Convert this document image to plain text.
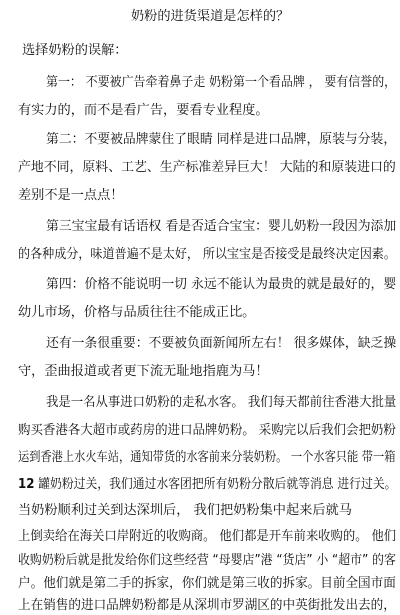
奶粉的进货渠道是怎样的？
选择奶粉的误解：
第一： 不要被广告牵着鼻子走 奶粉第一个看品牌 ， 要有信誉的，
有实力的，而不是看广告，要看专业程度。
第二：不要被品牌蒙住了眼睛 同样是进口品牌，原装与分装，
产地不同，原料、工艺、生产标准差异巨大！ 大陆的和原装进口的
差别不是一点点！
第三宝宝最有话语权 看是否适合宝宝：婴儿奶粉一段因为添加
的各种成分，味道普遍不是太好， 所以宝宝是否接受是最终决定因素。
第四：价格不能说明一切 永远不能认为最贵的就是最好的，婴
幼儿市场，价格与品质往往不能成正比。
还有一条很重要：不要被负面新闻所左右！ 很多媒体，缺乏操
守，歪曲报道或者更下流无耻地指鹿为马！
我是一名从事进口奶粉的走私水客。 我们每天都前往香港大批量
购买香港各大超市或药房的进口品牌奶粉。 采购完以后我们会把奶粉
运到香港上水火车站，通知带货的水客前来分装奶粉。 一个水客只能 带一箱
12 罐奶粉过关，我们通过水客团把所有奶粉分散后就等消息 进行过关。
当奶粉顺利过关到达深圳后， 我们把奶粉集中起来后就马
上倒卖给在海关口岸附近的收购商。 他们都是开车前来收购的。 他们
收购奶粉后就是批发给你们这些经营 “母婴店”港 “货店” 小 “超市” 的客
户。他们就是第二手的拆家，你们就是第三收的拆家。目前全国市面
上在销售的进口品牌奶粉都是从深圳市罗湖区的中英街批发出去的，
